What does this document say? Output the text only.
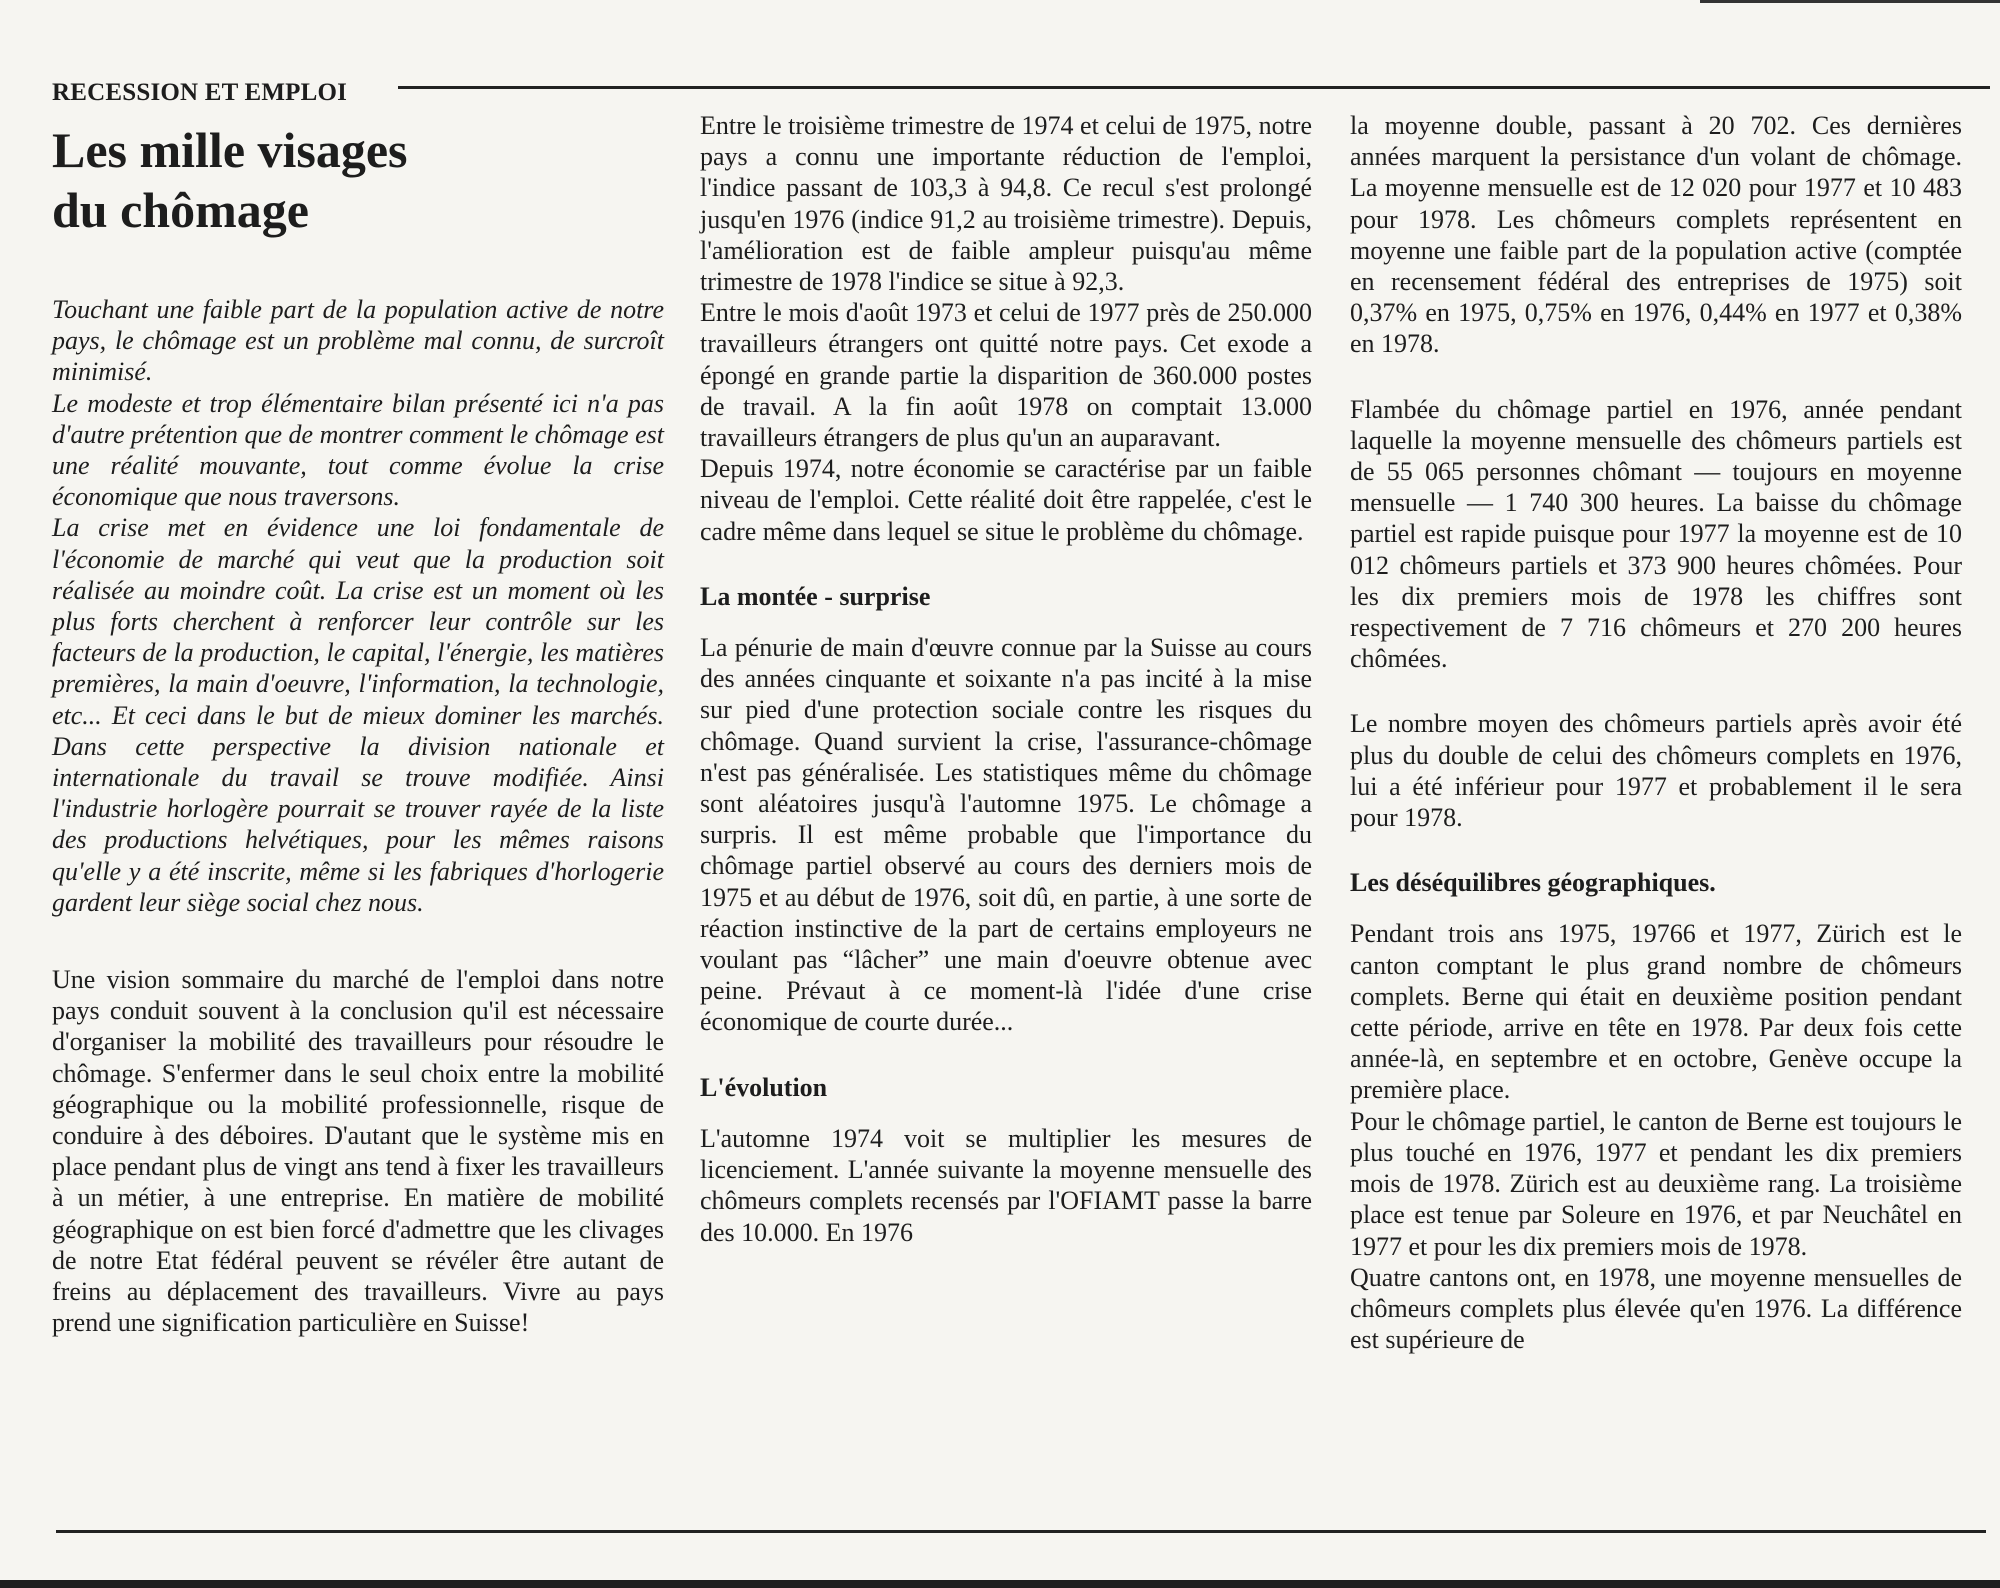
RECESSION ET EMPLOI
Les mille visages
du chômage

Touchant une faible part de la population active de notre pays, le chômage est un problème mal connu, de surcroît minimisé.

Le modeste et trop élémentaire bilan présenté ici n'a pas d'autre prétention que de montrer comment le chômage est une réalité mouvante, tout comme évolue la crise économique que nous traversons.

La crise met en évidence une loi fondamentale de l'économie de marché qui veut que la production soit réalisée au moindre coût. La crise est un moment où les plus forts cherchent à renforcer leur contrôle sur les facteurs de la production, le capital, l'énergie, les matières premières, la main d'oeuvre, l'information, la technologie, etc... Et ceci dans le but de mieux dominer les marchés. Dans cette perspective la division nationale et internationale du travail se trouve modifiée. Ainsi l'industrie horlogère pourrait se trouver rayée de la liste des productions helvétiques, pour les mêmes raisons qu'elle y a été inscrite, même si les fabriques d'horlogerie gardent leur siège social chez nous.

Une vision sommaire du marché de l'emploi dans notre pays conduit souvent à la conclusion qu'il est nécessaire d'organiser la mobilité des travailleurs pour résoudre le chômage. S'enfermer dans le seul choix entre la mobilité géographique ou la mobilité professionnelle, risque de conduire à des déboires. D'autant que le système mis en place pendant plus de vingt ans tend à fixer les travailleurs à un métier, à une entreprise. En matière de mobilité géographique on est bien forcé d'admettre que les clivages de notre Etat fédéral peuvent se révéler être autant de freins au déplacement des travailleurs. Vivre au pays prend une signification particulière en Suisse!

Entre le troisième trimestre de 1974 et celui de 1975, notre pays a connu une importante réduction de l'emploi, l'indice passant de 103,3 à 94,8. Ce recul s'est prolongé jusqu'en 1976 (indice 91,2 au troisième trimestre). Depuis, l'amélioration est de faible ampleur puisqu'au même trimestre de 1978 l'indice se situe à 92,3.

Entre le mois d'août 1973 et celui de 1977 près de 250.000 travailleurs étrangers ont quitté notre pays. Cet exode a épongé en grande partie la disparition de 360.000 postes de travail. A la fin août 1978 on comptait 13.000 travailleurs étrangers de plus qu'un an auparavant.

Depuis 1974, notre économie se caractérise par un faible niveau de l'emploi. Cette réalité doit être rappelée, c'est le cadre même dans lequel se situe le problème du chômage.

La montée - surprise

La pénurie de main d'œuvre connue par la Suisse au cours des années cinquante et soixante n'a pas incité à la mise sur pied d'une protection sociale contre les risques du chômage. Quand survient la crise, l'assurance-chômage n'est pas généralisée. Les statistiques même du chômage sont aléatoires jusqu'à l'automne 1975. Le chômage a surpris. Il est même probable que l'importance du chômage partiel observé au cours des derniers mois de 1975 et au début de 1976, soit dû, en partie, à une sorte de réaction instinctive de la part de certains employeurs ne voulant pas “lâcher” une main d'oeuvre obtenue avec peine. Prévaut à ce moment-là l'idée d'une crise économique de courte durée...

L'évolution

L'automne 1974 voit se multiplier les mesures de licenciement. L'année suivante la moyenne mensuelle des chômeurs complets recensés par l'OFIAMT passe la barre des 10.000. En 1976

la moyenne double, passant à 20 702. Ces dernières années marquent la persistance d'un volant de chômage. La moyenne mensuelle est de 12 020 pour 1977 et 10 483 pour 1978. Les chômeurs complets représentent en moyenne une faible part de la population active (comptée en recensement fédéral des entreprises de 1975) soit 0,37% en 1975, 0,75% en 1976, 0,44% en 1977 et 0,38% en 1978.

Flambée du chômage partiel en 1976, année pendant laquelle la moyenne mensuelle des chômeurs partiels est de 55 065 personnes chômant — toujours en moyenne mensuelle — 1 740 300 heures. La baisse du chômage partiel est rapide puisque pour 1977 la moyenne est de 10 012 chômeurs partiels et 373 900 heures chômées. Pour les dix premiers mois de 1978 les chiffres sont respectivement de 7 716 chômeurs et 270 200 heures chômées.

Le nombre moyen des chômeurs partiels après avoir été plus du double de celui des chômeurs complets en 1976, lui a été inférieur pour 1977 et probablement il le sera pour 1978.

Les déséquilibres géographiques.

Pendant trois ans 1975, 19766 et 1977, Zürich est le canton comptant le plus grand nombre de chômeurs complets. Berne qui était en deuxième position pendant cette période, arrive en tête en 1978. Par deux fois cette année-là, en septembre et en octobre, Genève occupe la première place.

Pour le chômage partiel, le canton de Berne est toujours le plus touché en 1976, 1977 et pendant les dix premiers mois de 1978. Zürich est au deuxième rang. La troisième place est tenue par Soleure en 1976, et par Neuchâtel en 1977 et pour les dix premiers mois de 1978.

Quatre cantons ont, en 1978, une moyenne mensuelles de chômeurs complets plus élevée qu'en 1976. La différence est supérieure de
